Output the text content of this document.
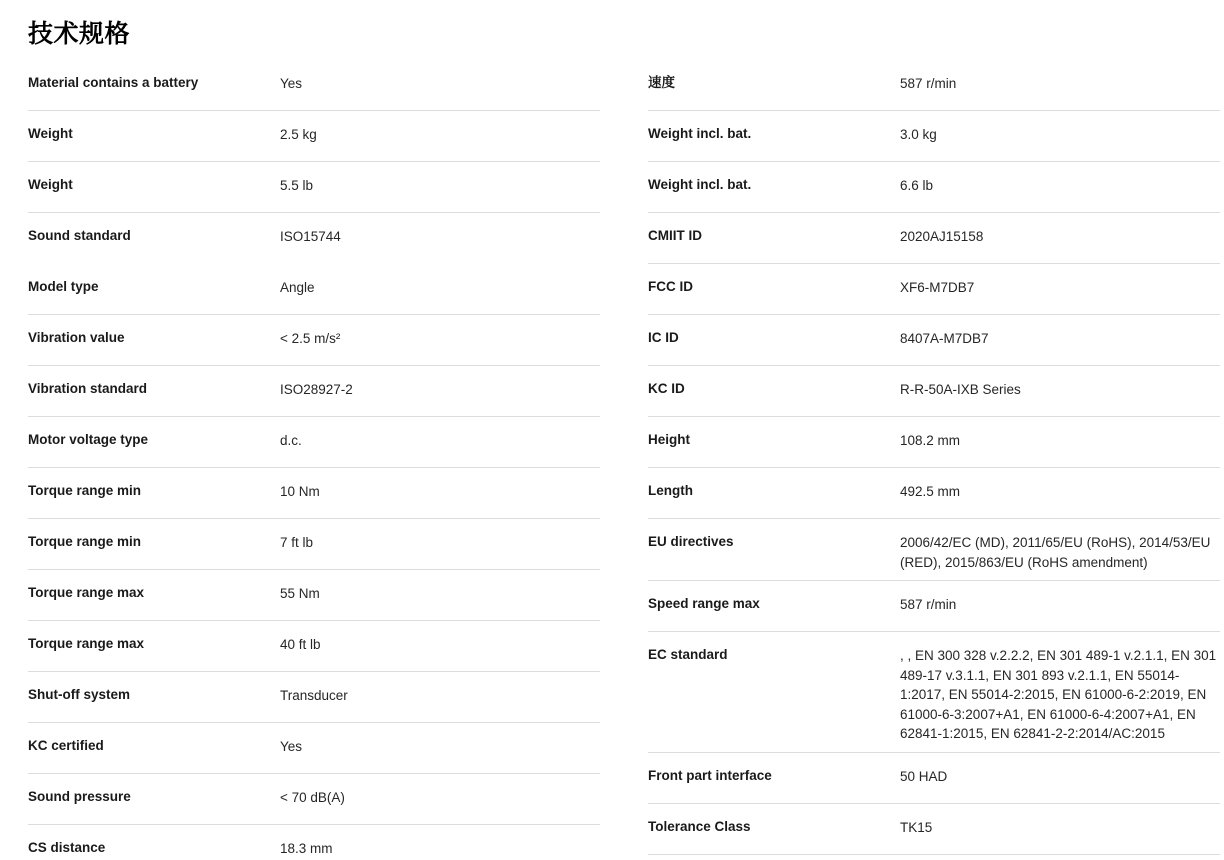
技术规格
Material contains a battery	Yes
Weight	2.5 kg
Weight	5.5 lb
Sound standard	ISO15744
Model type	Angle
Vibration value	< 2.5 m/s²
Vibration standard	ISO28927-2
Motor voltage type	d.c.
Torque range min	10 Nm
Torque range min	7 ft lb
Torque range max	55 Nm
Torque range max	40 ft lb
Shut-off system	Transducer
KC certified	Yes
Sound pressure	< 70 dB(A)
CS distance	18.3 mm
速度	587 r/min
Weight incl. bat.	3.0 kg
Weight incl. bat.	6.6 lb
CMIIT ID	2020AJ15158
FCC ID	XF6-M7DB7
IC ID	8407A-M7DB7
KC ID	R-R-50A-IXB Series
Height	108.2 mm
Length	492.5 mm
EU directives	2006/42/EC (MD), 2011/65/EU (RoHS), 2014/53/EU (RED), 2015/863/EU (RoHS amendment)
Speed range max	587 r/min
EC standard	, , EN 300 328 v.2.2.2, EN 301 489-1 v.2.1.1, EN 301 489-17 v.3.1.1, EN 301 893 v.2.1.1, EN 55014-1:2017, EN 55014-2:2015, EN 61000-6-2:2019, EN 61000-6-3:2007+A1, EN 61000-6-4:2007+A1, EN 62841-1:2015, EN 62841-2-2:2014/AC:2015
Front part interface	50 HAD
Tolerance Class	TK15
